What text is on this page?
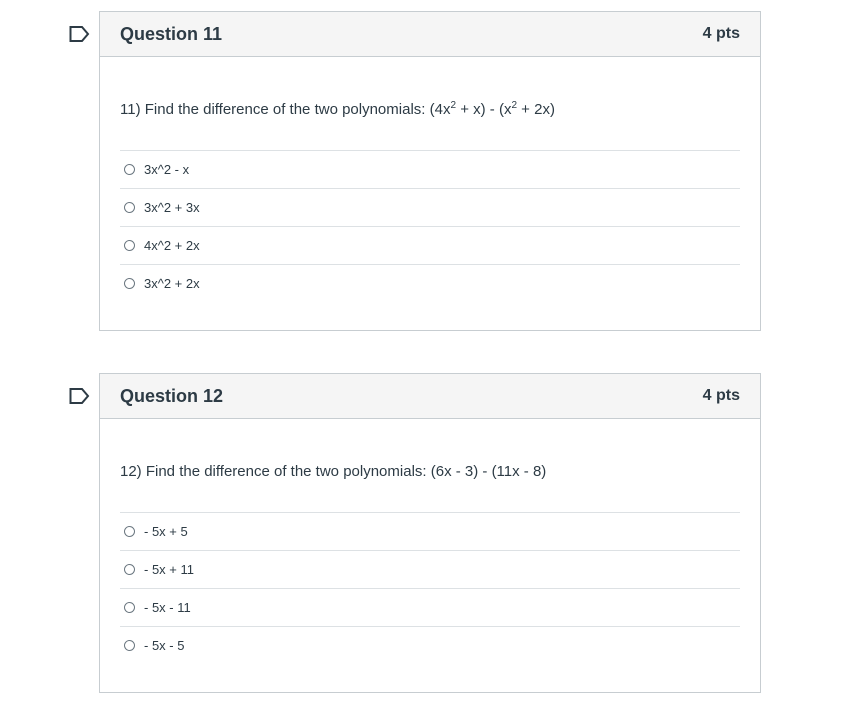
Question 11	4 pts
11) Find the difference of the two polynomials: $(4x^2 + x) - (x^2 + 2x)$
3x^2 - x
3x^2 + 3x
4x^2 + 2x
3x^2 + 2x
Question 12	4 pts
12) Find the difference of the two polynomials: (6x - 3) - (11x - 8)
- 5x + 5
- 5x + 11
- 5x - 11
- 5x - 5
